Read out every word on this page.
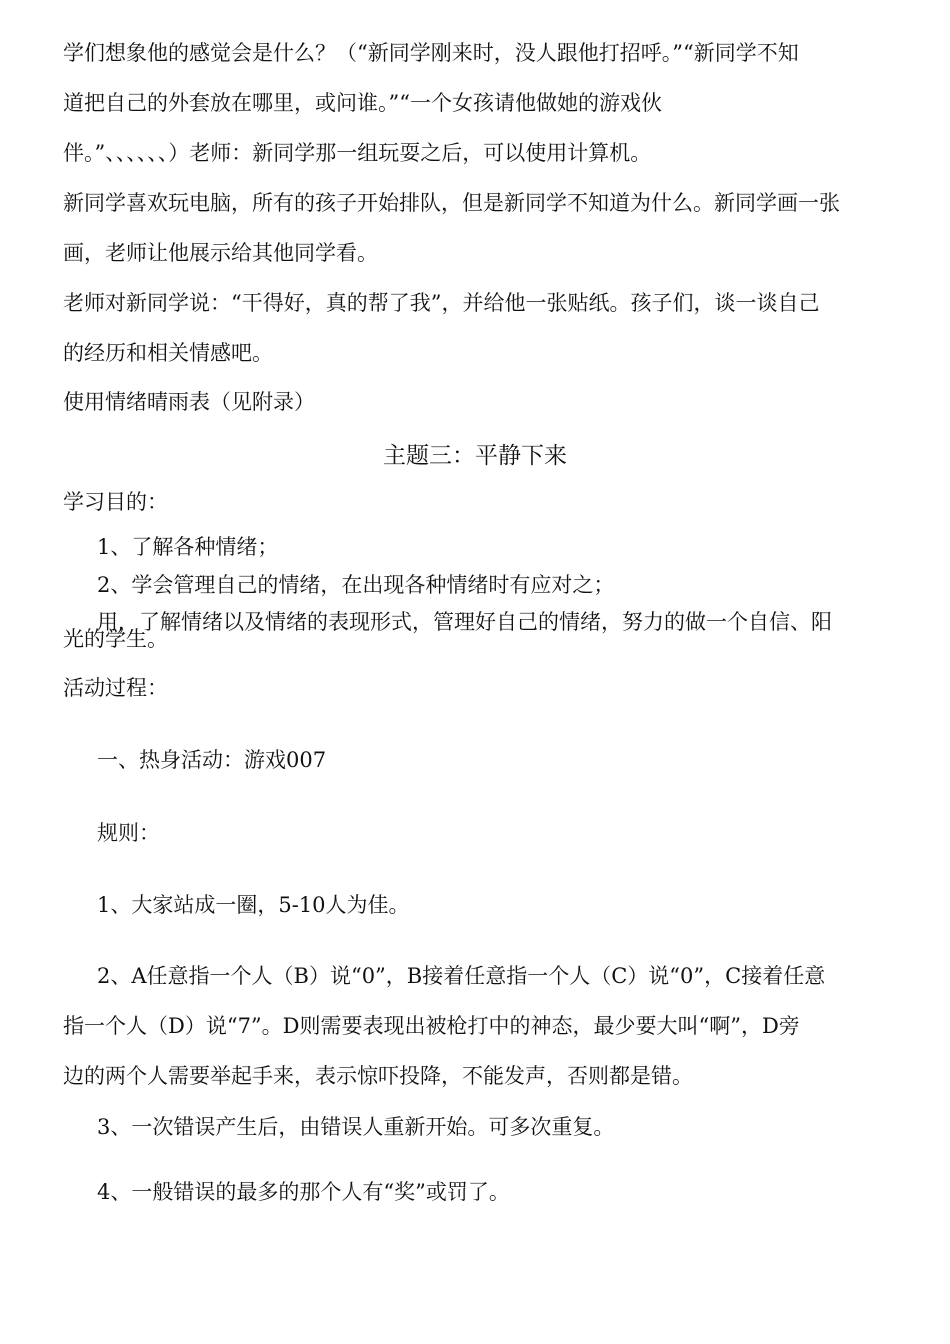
学们想象他的感觉会是什么？（“新同学刚来时，没人跟他打招呼。”“新同学不知
道把自己的外套放在哪里，或问谁。”“一个女孩请他做她的游戏伙
伴。”、、、、、、）老师：新同学那一组玩耍之后，可以使用计算机。
新同学喜欢玩电脑，所有的孩子开始排队，但是新同学不知道为什么。新同学画一张
画，老师让他展示给其他同学看。
老师对新同学说：“干得好，真的帮了我”，并给他一张贴纸。孩子们，谈一谈自己
的经历和相关情感吧。
使用情绪晴雨表（见附录）
主题三：平静下来
学习目的：
1、了解各种情绪；
2、学会管理自己的情绪，在出现各种情绪时有应对之；
用，了解情绪以及情绪的表现形式，管理好自己的情绪，努力的做一个自信、阳
光的学生。
活动过程：
一、热身活动：游戏007
规则：
1、大家站成一圈，5-10人为佳。
2、A任意指一个人（B）说“0”，B接着任意指一个人（C）说“0”，C接着任意
指一个人（D）说“7”。D则需要表现出被枪打中的神态，最少要大叫“啊”，D旁
边的两个人需要举起手来，表示惊吓投降，不能发声，否则都是错。
3、一次错误产生后，由错误人重新开始。可多次重复。
4、一般错误的最多的那个人有“奖”或罚了。
